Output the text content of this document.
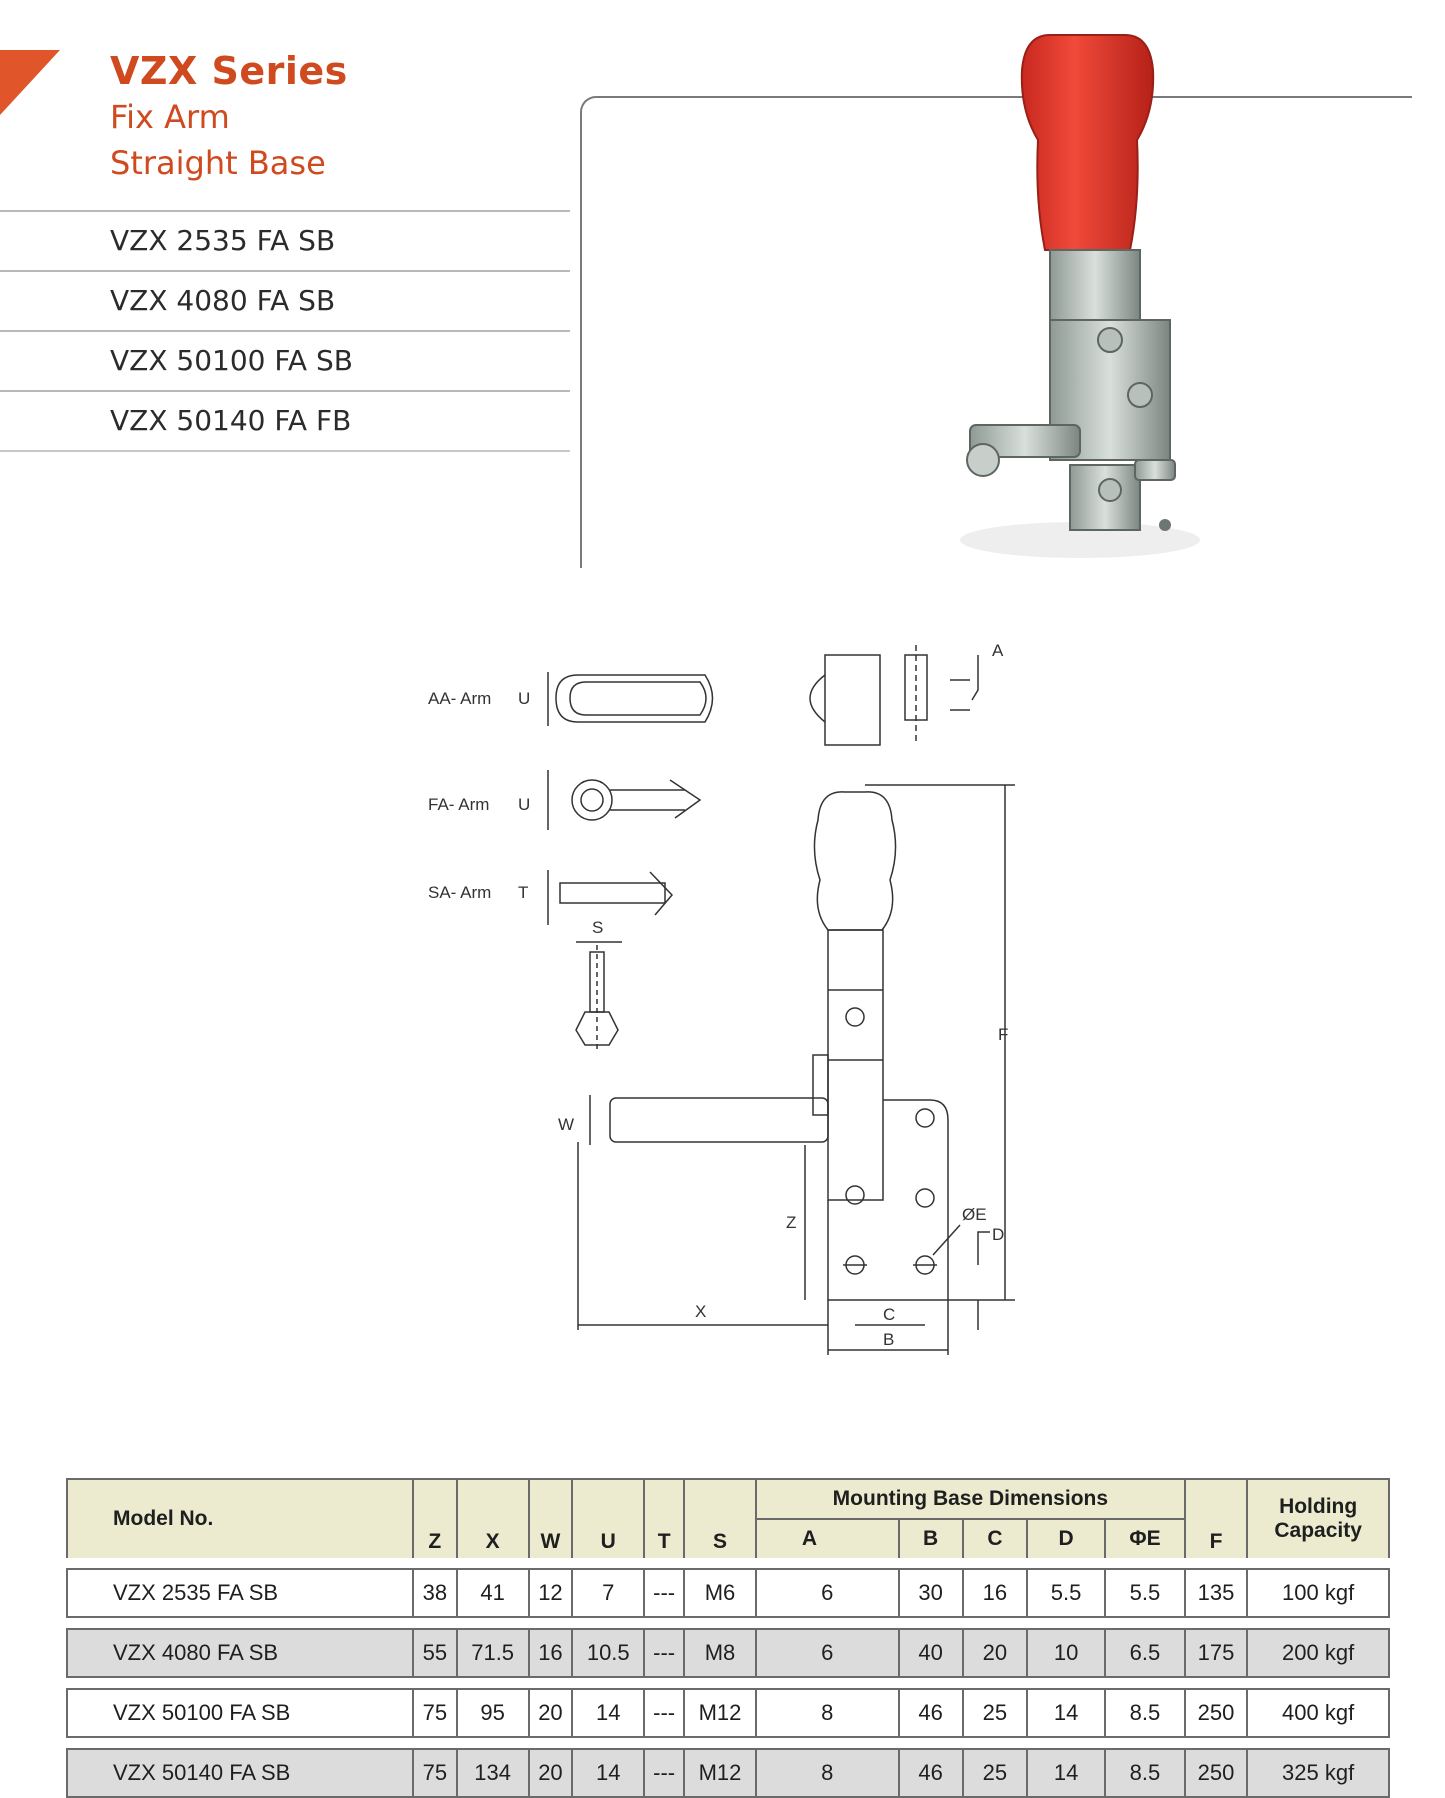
VZX Series
Fix Arm
Straight Base
VZX 2535 FA SB
VZX 4080 FA SB
VZX 50100 FA SB
VZX 50140 FA FB
AA- Arm U
A
FA- Arm U
SA- Arm T
S
F
W
Z
X	C
B
ØE
D
Model No.	Z	X	W	U	T	S	Mounting Base Dimensions					F	Holding
Capacity

							A	B	C	D	ΦE		

VZX 2535 FA SB	38	41	12	7	---	M6	6	30	16	5.5	5.5	135	100 kgf

VZX 4080 FA SB	55	71.5	16	10.5	---	M8	6	40	20	10	6.5	175	200 kgf

VZX 50100 FA SB	75	95	20	14	---	M12	8	46	25	14	8.5	250	400 kgf

VZX 50140 FA SB	75	134	20	14	---	M12	8	46	25	14	8.5	250	325 kgf
